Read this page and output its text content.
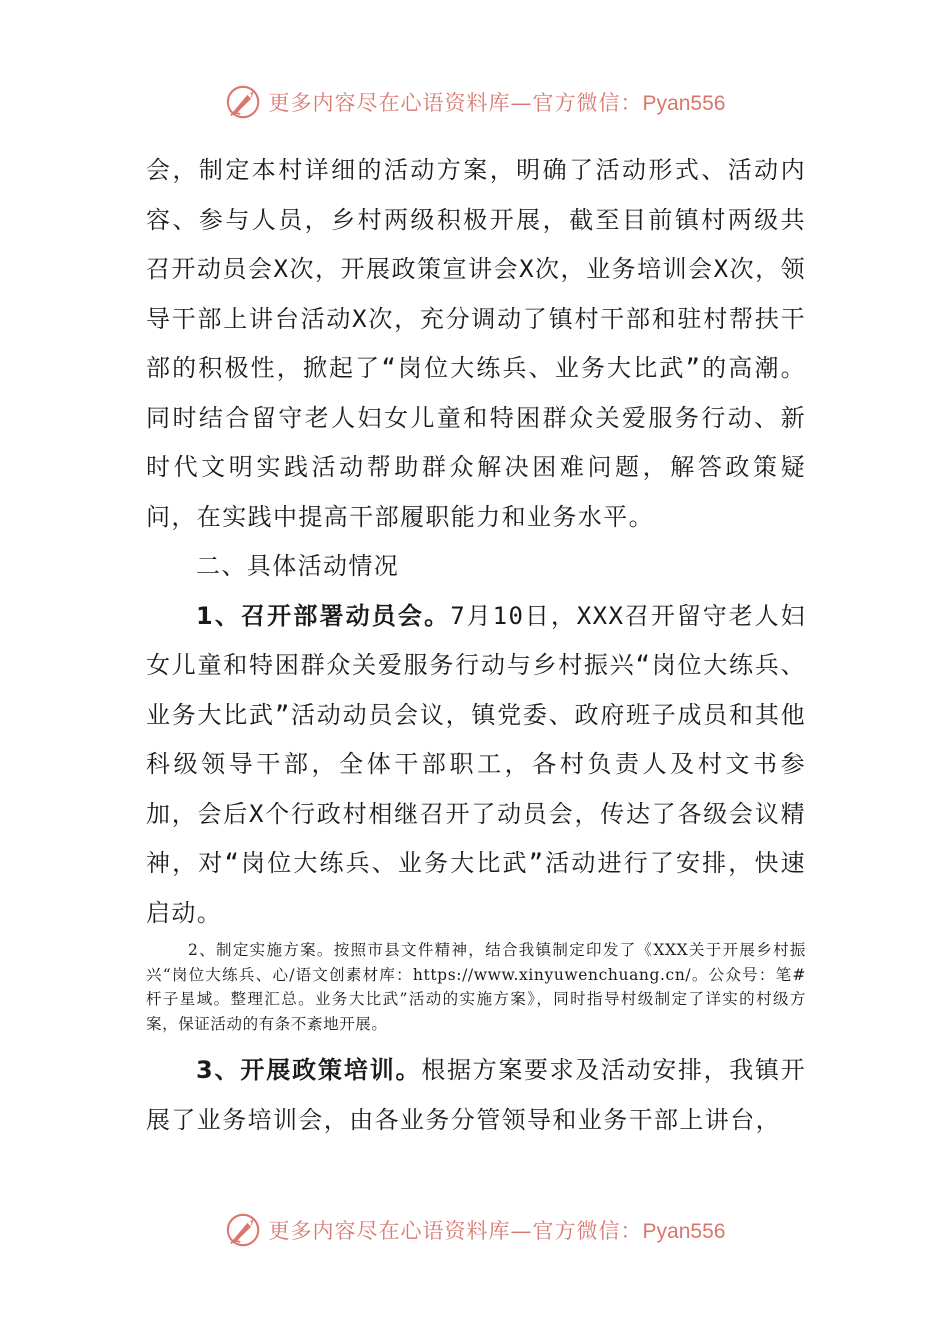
更多内容尽在心语资料库—官方微信：Pyan556

会，制定本村详细的活动方案，明确了活动形式、活动内容、参与人员，乡村两级积极开展，截至目前镇村两级共召开动员会X次，开展政策宣讲会X次，业务培训会X次，领导干部上讲台活动X次，充分调动了镇村干部和驻村帮扶干部的积极性，掀起了“岗位大练兵、业务大比武”的高潮。同时结合留守老人妇女儿童和特困群众关爱服务行动、新时代文明实践活动帮助群众解决困难问题，解答政策疑问，在实践中提高干部履职能力和业务水平。

二、具体活动情况

1、召开部署动员会。7月10日，XXX召开留守老人妇女儿童和特困群众关爱服务行动与乡村振兴“岗位大练兵、业务大比武”活动动员会议，镇党委、政府班子成员和其他科级领导干部，全体干部职工，各村负责人及村文书参加，会后X个行政村相继召开了动员会，传达了各级会议精神，对“岗位大练兵、业务大比武”活动进行了安排，快速启动。

2、制定实施方案。按照市县文件精神，结合我镇制定印发了《XXX关于开展乡村振兴“岗位大练兵、心/语文创素材库：https://www.xinyuwenchuang.cn/。公众号：笔#杆子星域。整理汇总。业务大比武”活动的实施方案》，同时指导村级制定了详实的村级方案，保证活动的有条不紊地开展。

3、开展政策培训。根据方案要求及活动安排，我镇开展了业务培训会，由各业务分管领导和业务干部上讲台，

更多内容尽在心语资料库—官方微信：Pyan556
